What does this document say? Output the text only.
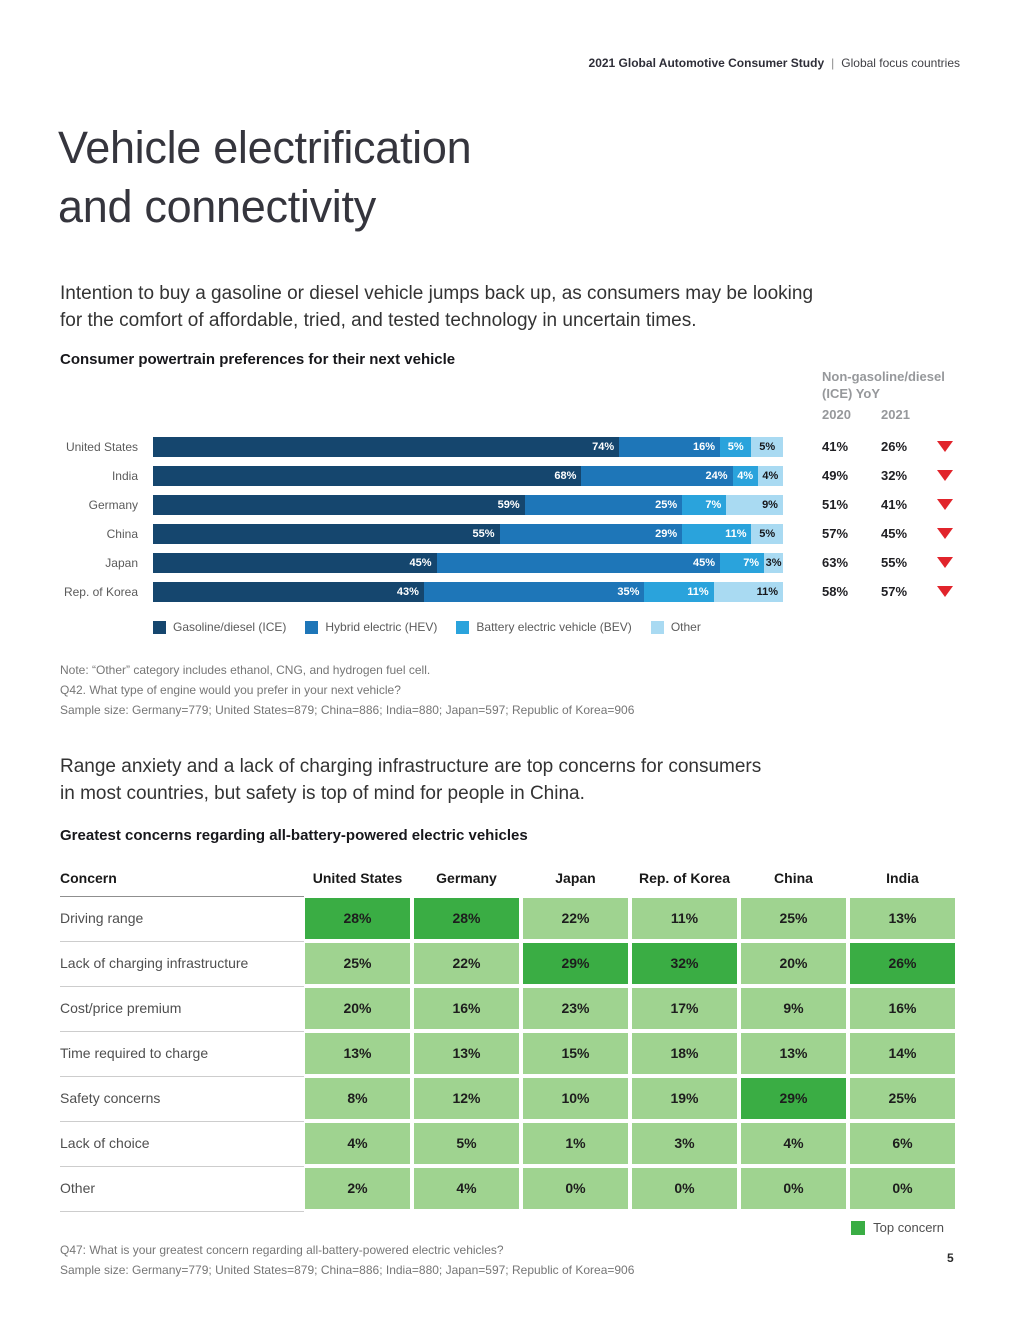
2021 Global Automotive Consumer Study | Global focus countries
Vehicle electrification
and connectivity
Intention to buy a gasoline or diesel vehicle jumps back up, as consumers may be looking
for the comfort of affordable, tried, and tested technology in uncertain times.
Consumer powertrain preferences for their next vehicle
Non-gasoline/diesel
(ICE) YoY
2020 2021
United States	74%	16%	5%	5%	41%	26%
India	68%	24% 4% 4%	49%	32%
Germany	59%	25%	7%	9%	51%	41%
China	55%	29%	11%	5%	57%	45%
Japan	45%	45%	7% 3%	63%	55%
Rep. of Korea	43%	35%	11%	11%	58%	57%
Gasoline/diesel (ICE)	Hybrid electric (HEV)	Battery electric vehicle (BEV)	Other
Note: “Other” category includes ethanol, CNG, and hydrogen fuel cell.
Q42. What type of engine would you prefer in your next vehicle?
Sample size: Germany=779; United States=879; China=886; India=880; Japan=597; Republic of Korea=906
Range anxiety and a lack of charging infrastructure are top concerns for consumers
in most countries, but safety is top of mind for people in China.
Greatest concerns regarding all-battery-powered electric vehicles
Concern	United States	Germany	Japan	Rep. of Korea	China	India
Driving range	28%	28%	22%	11%	25%	13%
Lack of charging infrastructure	25%	22%	29%	32%	20%	26%
Cost/price premium	20%	16%	23%	17%	9%	16%
Time required to charge	13%	13%	15%	18%	13%	14%
Safety concerns	8%	12%	10%	19%	29%	25%
Lack of choice	4%	5%	1%	3%	4%	6%
Other	2%	4%	0%	0%	0%	0%
Top concern
Q47: What is your greatest concern regarding all-battery-powered electric vehicles?
Sample size: Germany=779; United States=879; China=886; India=880; Japan=597; Republic of Korea=906
5
